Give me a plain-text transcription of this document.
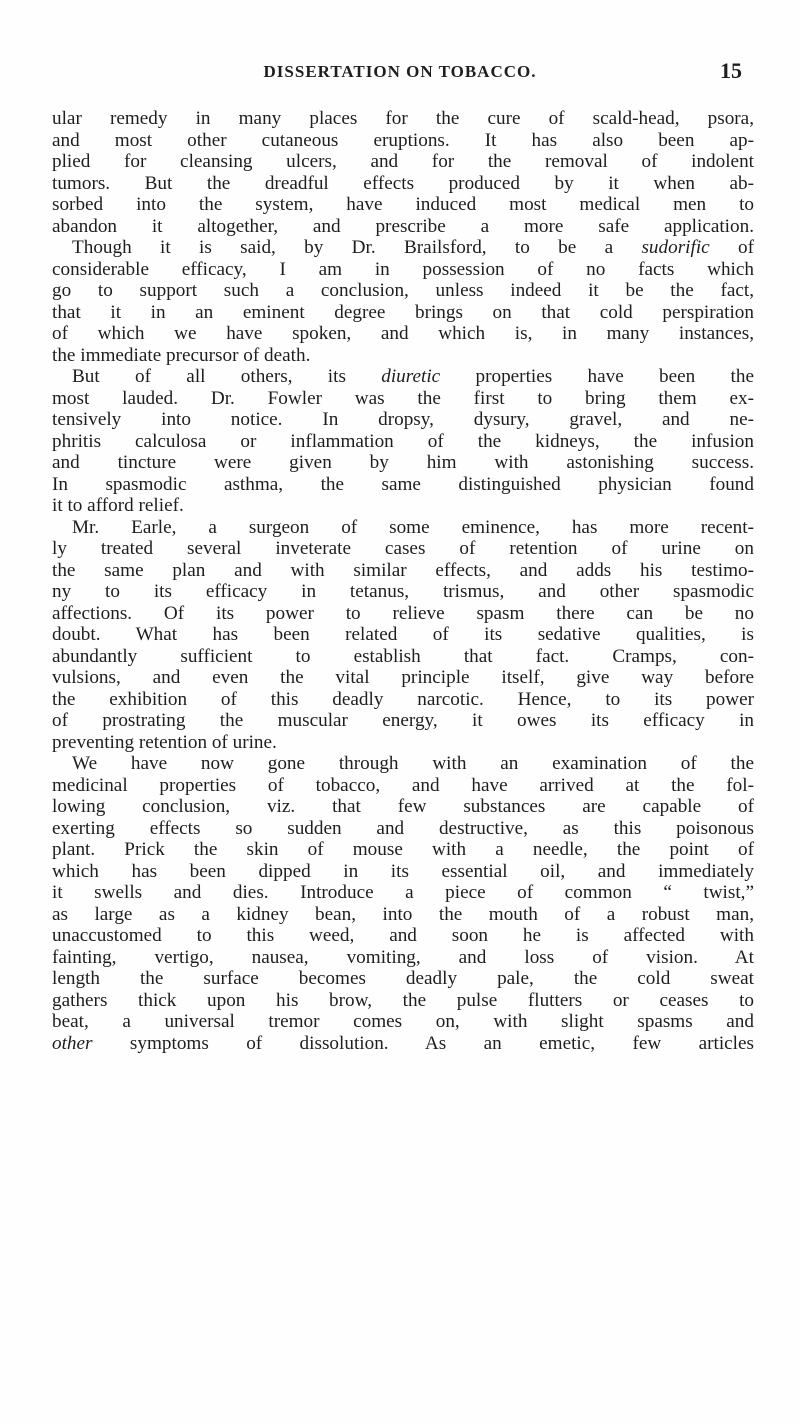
DISSERTATION ON TOBACCO.	15
ular remedy in many places for the cure of scald-head, psora,
and most other cutaneous eruptions. It has also been ap-
plied for cleansing ulcers, and for the removal of indolent
tumors. But the dreadful effects produced by it when ab-
sorbed into the system, have induced most medical men to
abandon it altogether, and prescribe a more safe application.
Though it is said, by Dr. Brailsford, to be a sudorific of
considerable efficacy, I am in possession of no facts which
go to support such a conclusion, unless indeed it be the fact,
that it in an eminent degree brings on that cold perspiration
of which we have spoken, and which is, in many instances,
the immediate precursor of death.
But of all others, its diuretic properties have been the
most lauded. Dr. Fowler was the first to bring them ex-
tensively into notice. In dropsy, dysury, gravel, and ne-
phritis calculosa or inflammation of the kidneys, the infusion
and tincture were given by him with astonishing success.
In spasmodic asthma, the same distinguished physician found
it to afford relief.
Mr. Earle, a surgeon of some eminence, has more recent-
ly treated several inveterate cases of retention of urine on
the same plan and with similar effects, and adds his testimo-
ny to its efficacy in tetanus, trismus, and other spasmodic
affections. Of its power to relieve spasm there can be no
doubt. What has been related of its sedative qualities, is
abundantly sufficient to establish that fact. Cramps, con-
vulsions, and even the vital principle itself, give way before
the exhibition of this deadly narcotic. Hence, to its power
of prostrating the muscular energy, it owes its efficacy in
preventing retention of urine.
We have now gone through with an examination of the
medicinal properties of tobacco, and have arrived at the fol-
lowing conclusion, viz. that few substances are capable of
exerting effects so sudden and destructive, as this poisonous
plant. Prick the skin of mouse with a needle, the point of
which has been dipped in its essential oil, and immediately
it swells and dies. Introduce a piece of common “ twist,”
as large as a kidney bean, into the mouth of a robust man,
unaccustomed to this weed, and soon he is affected with
fainting, vertigo, nausea, vomiting, and loss of vision. At
length the surface becomes deadly pale, the cold sweat
gathers thick upon his brow, the pulse flutters or ceases to
beat, a universal tremor comes on, with slight spasms and
other symptoms of dissolution. As an emetic, few articles
